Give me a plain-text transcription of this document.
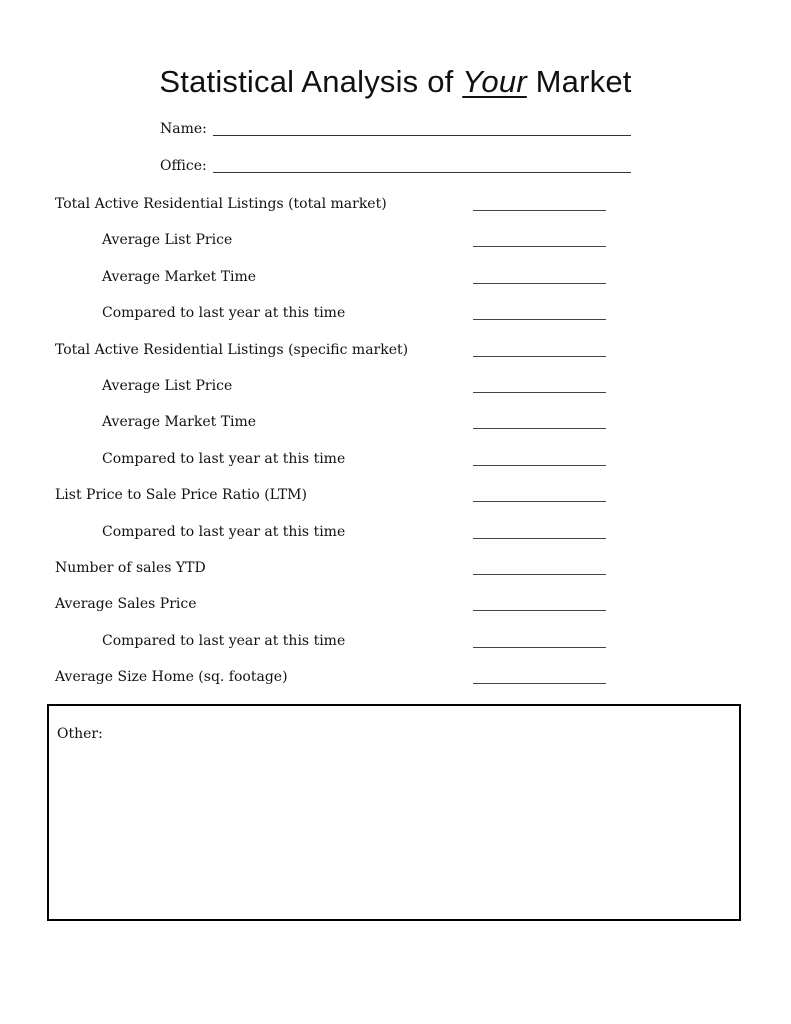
Statistical Analysis of Your Market
Name:
Office:
Total Active Residential Listings (total market)
Average List Price
Average Market Time
Compared to last year at this time
Total Active Residential Listings (specific market)
Average List Price
Average Market Time
Compared to last year at this time
List Price to Sale Price Ratio (LTM)
Compared to last year at this time
Number of sales YTD
Average Sales Price
Compared to last year at this time
Average Size Home (sq. footage)
Other:
